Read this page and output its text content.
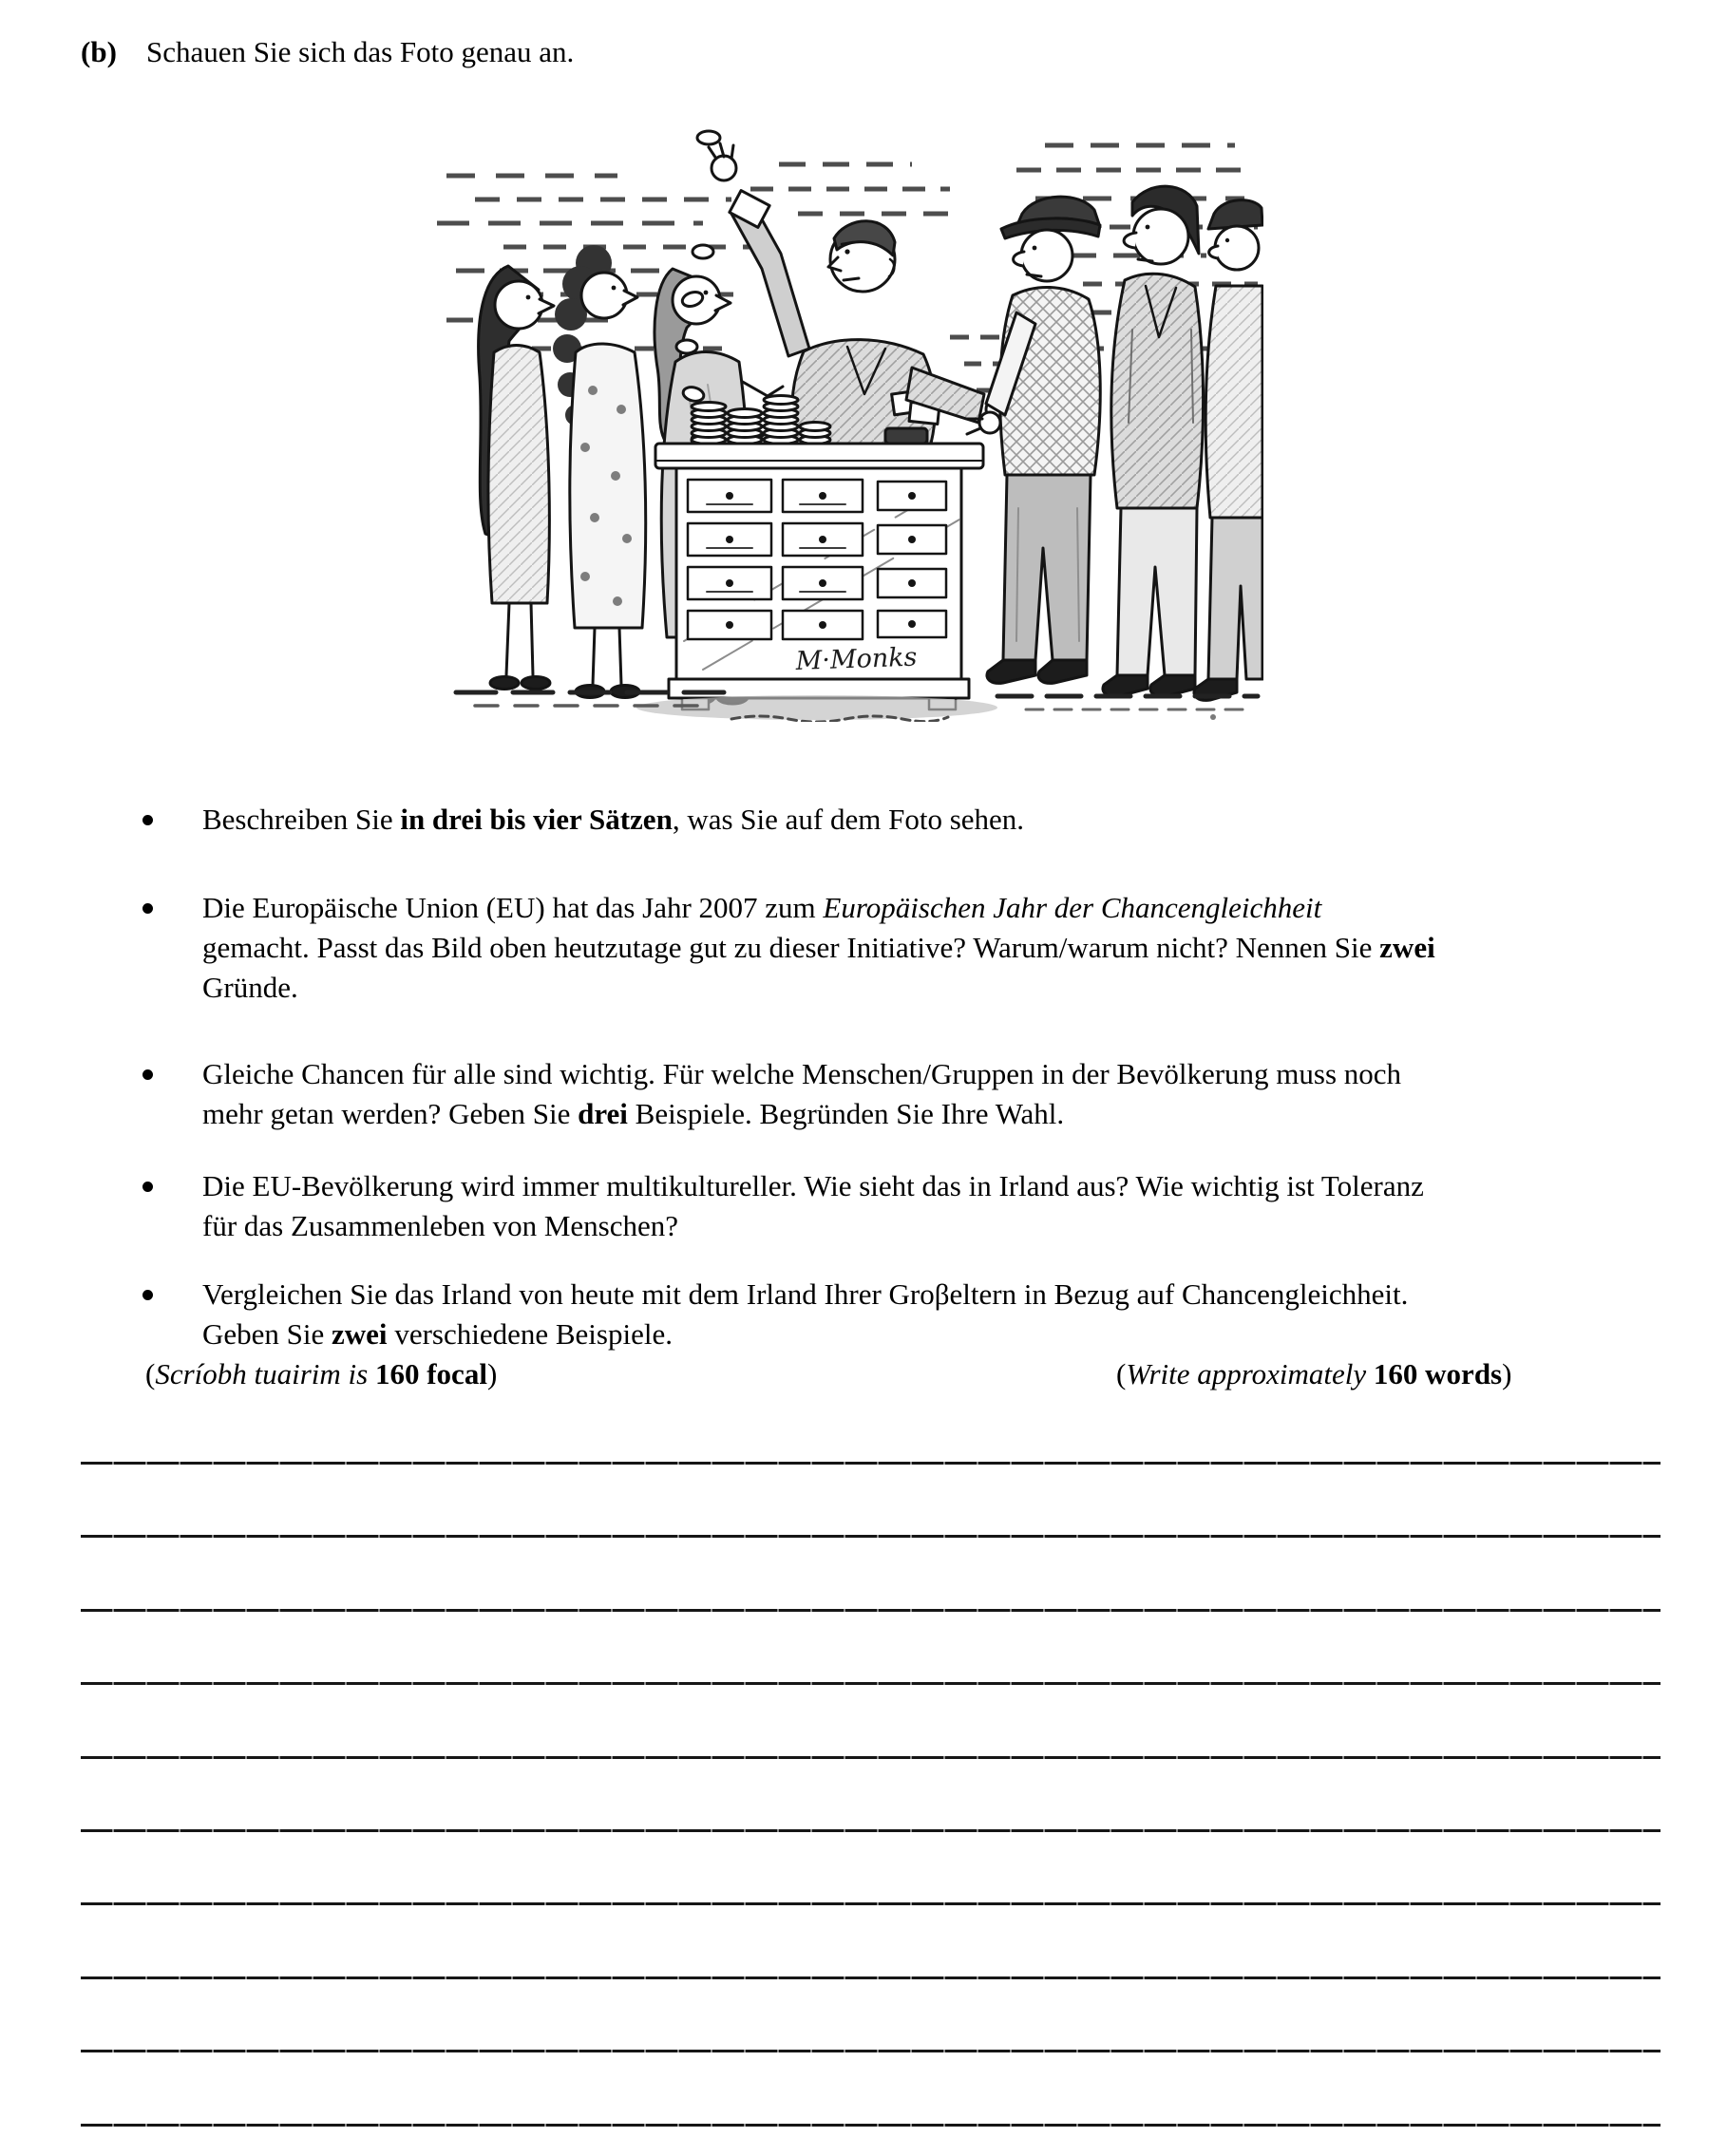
(b) Schauen Sie sich das Foto genau an.
M·Monks
Beschreiben Sie in drei bis vier Sätzen, was Sie auf dem Foto sehen.
Die Europäische Union (EU) hat das Jahr 2007 zum Europäischen Jahr der Chancengleichheit
gemacht. Passt das Bild oben heutzutage gut zu dieser Initiative? Warum/warum nicht? Nennen Sie zwei
Gründe.
Gleiche Chancen für alle sind wichtig. Für welche Menschen/Gruppen in der Bevölkerung muss noch
mehr getan werden? Geben Sie drei Beispiele. Begründen Sie Ihre Wahl.
Die EU-Bevölkerung wird immer multikultureller. Wie sieht das in Irland aus? Wie wichtig ist Toleranz
für das Zusammenleben von Menschen?
Vergleichen Sie das Irland von heute mit dem Irland Ihrer Groβeltern in Bezug auf Chancengleichheit.
Geben Sie zwei verschiedene Beispiele.
(Scríobh tuairim is 160 focal)	(Write approximately 160 words)
